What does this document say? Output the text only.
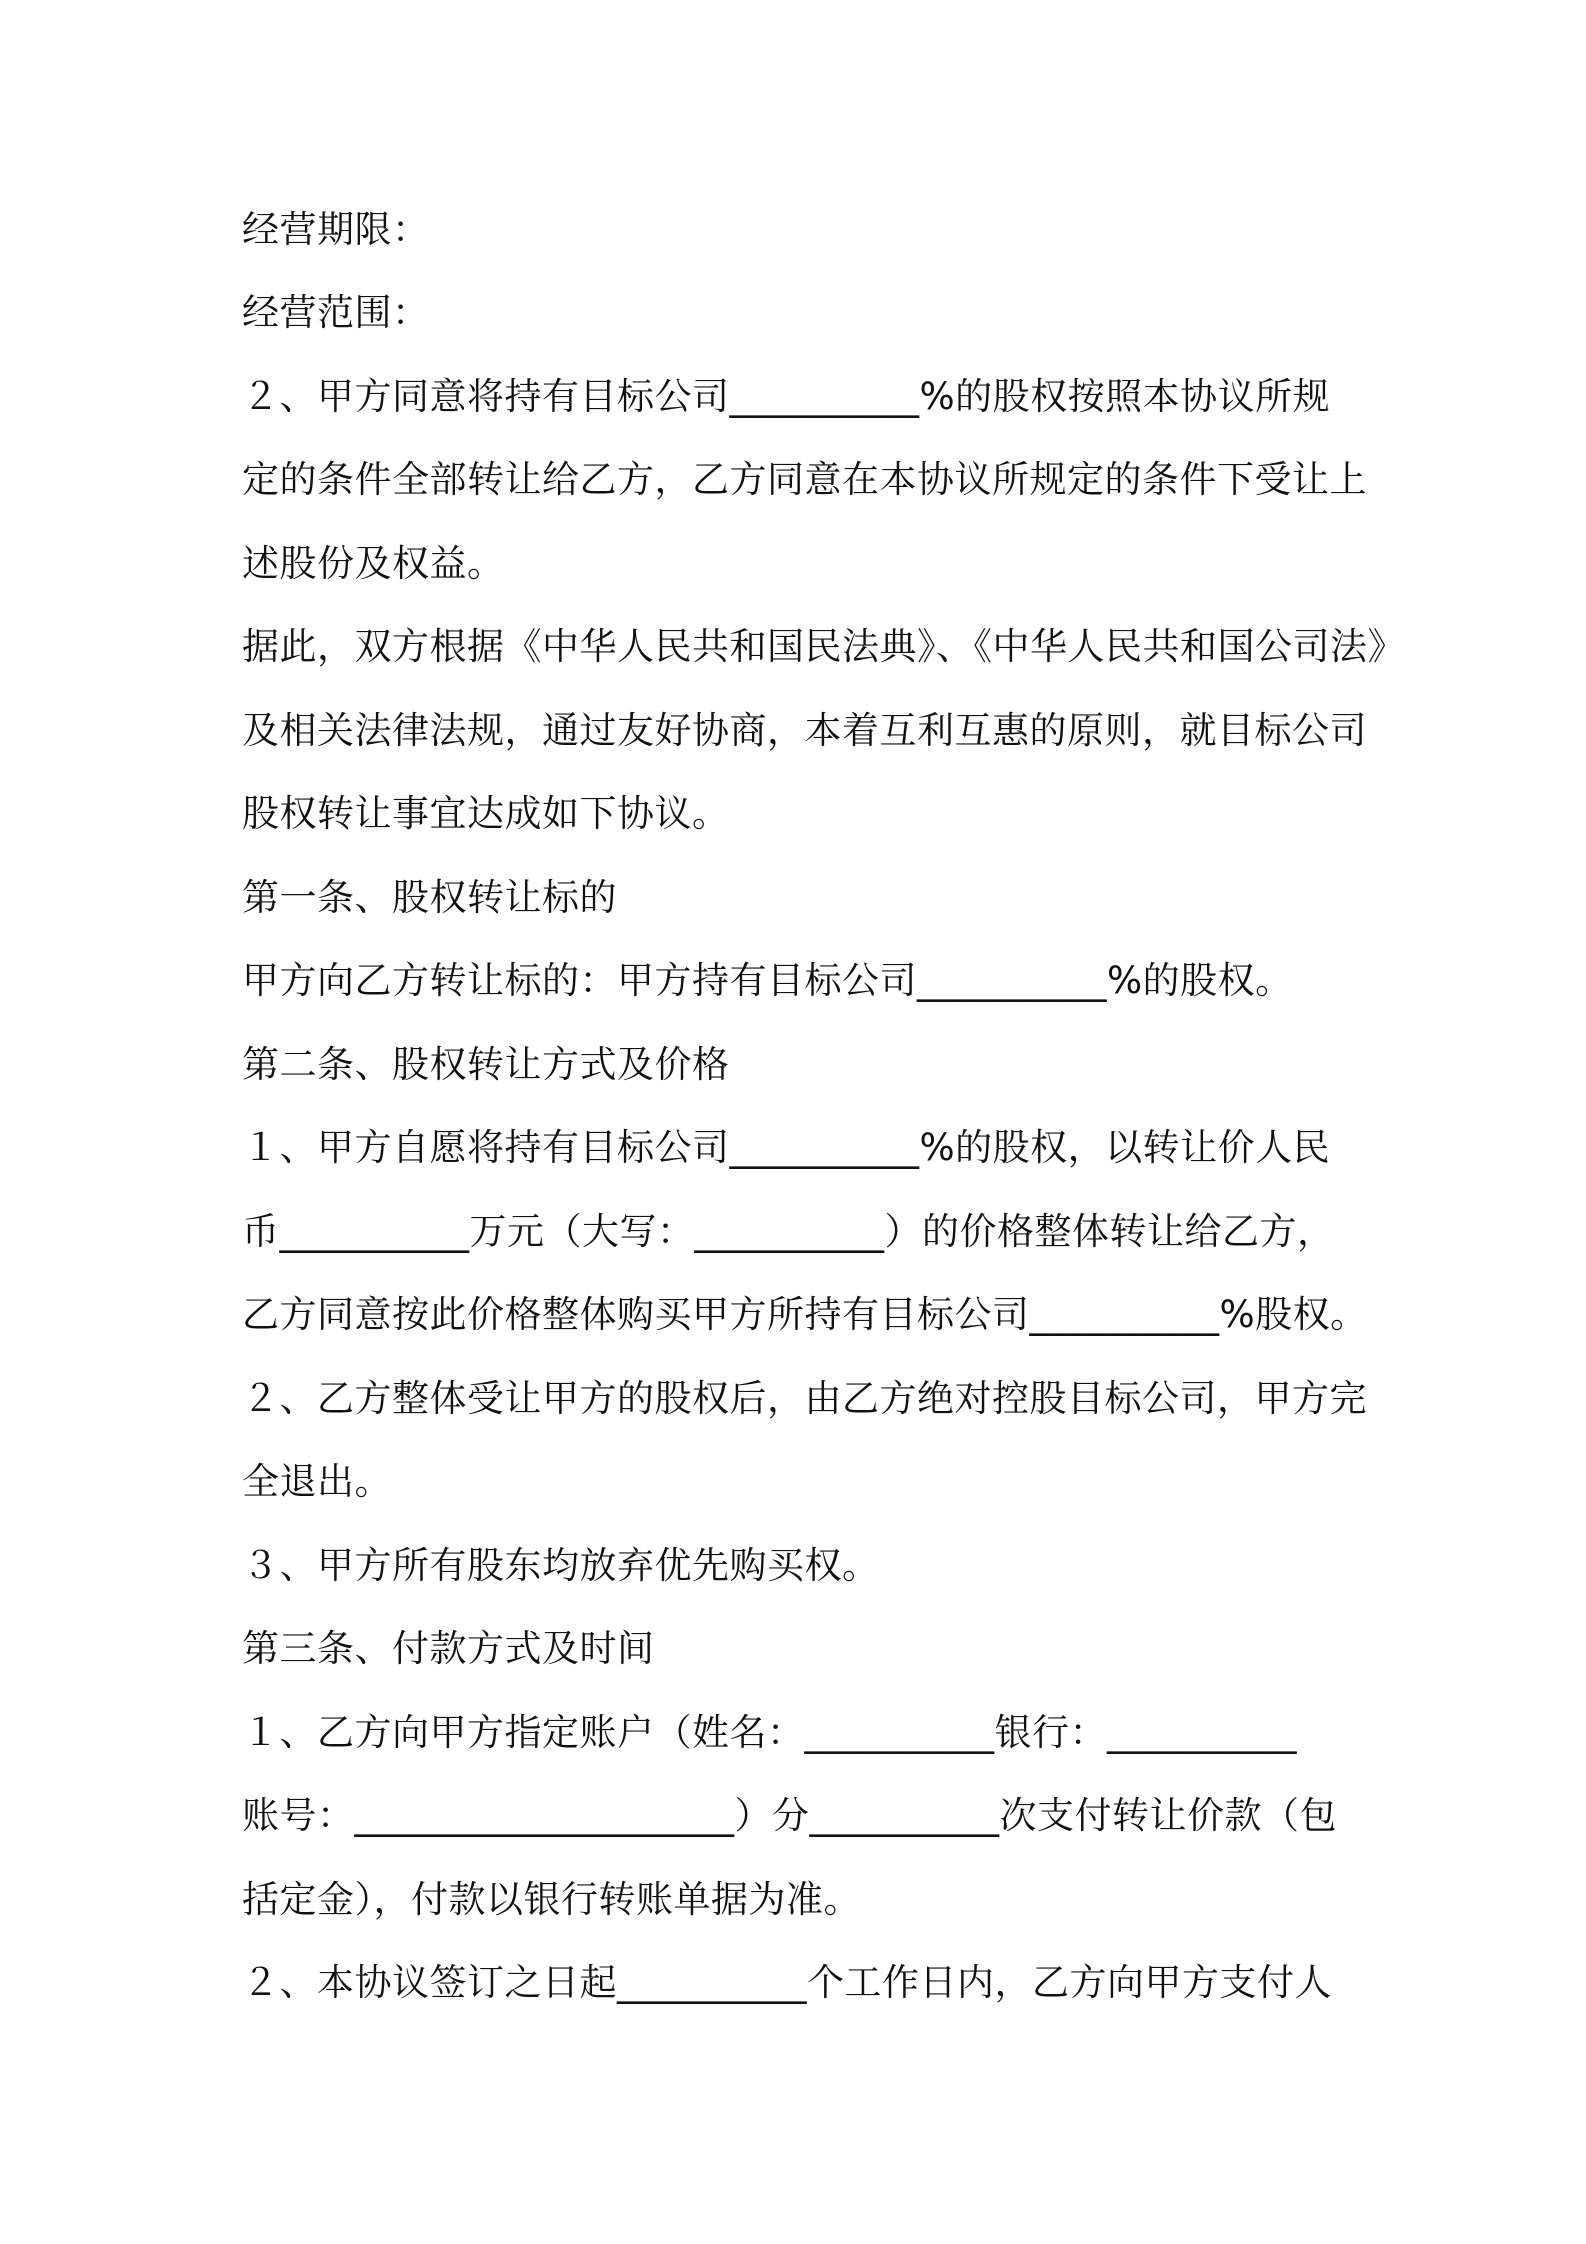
经营期限：
经营范围：
２、甲方同意将持有目标公司__________%的股权按照本协议所规
定的条件全部转让给乙方，乙方同意在本协议所规定的条件下受让上
述股份及权益。
据此，双方根据《中华人民共和国民法典》、《中华人民共和国公司法》
及相关法律法规，通过友好协商，本着互利互惠的原则，就目标公司
股权转让事宜达成如下协议。
第一条、股权转让标的
甲方向乙方转让标的：甲方持有目标公司__________%的股权。
第二条、股权转让方式及价格
１、甲方自愿将持有目标公司__________%的股权，以转让价人民
币__________万元（大写：__________）的价格整体转让给乙方，
乙方同意按此价格整体购买甲方所持有目标公司__________%股权。
２、乙方整体受让甲方的股权后，由乙方绝对控股目标公司，甲方完
全退出。
３、甲方所有股东均放弃优先购买权。
第三条、付款方式及时间
１、乙方向甲方指定账户（姓名：__________银行：__________
账号：____________________）分__________次支付转让价款（包
括定金），付款以银行转账单据为准。
２、本协议签订之日起__________个工作日内，乙方向甲方支付人
